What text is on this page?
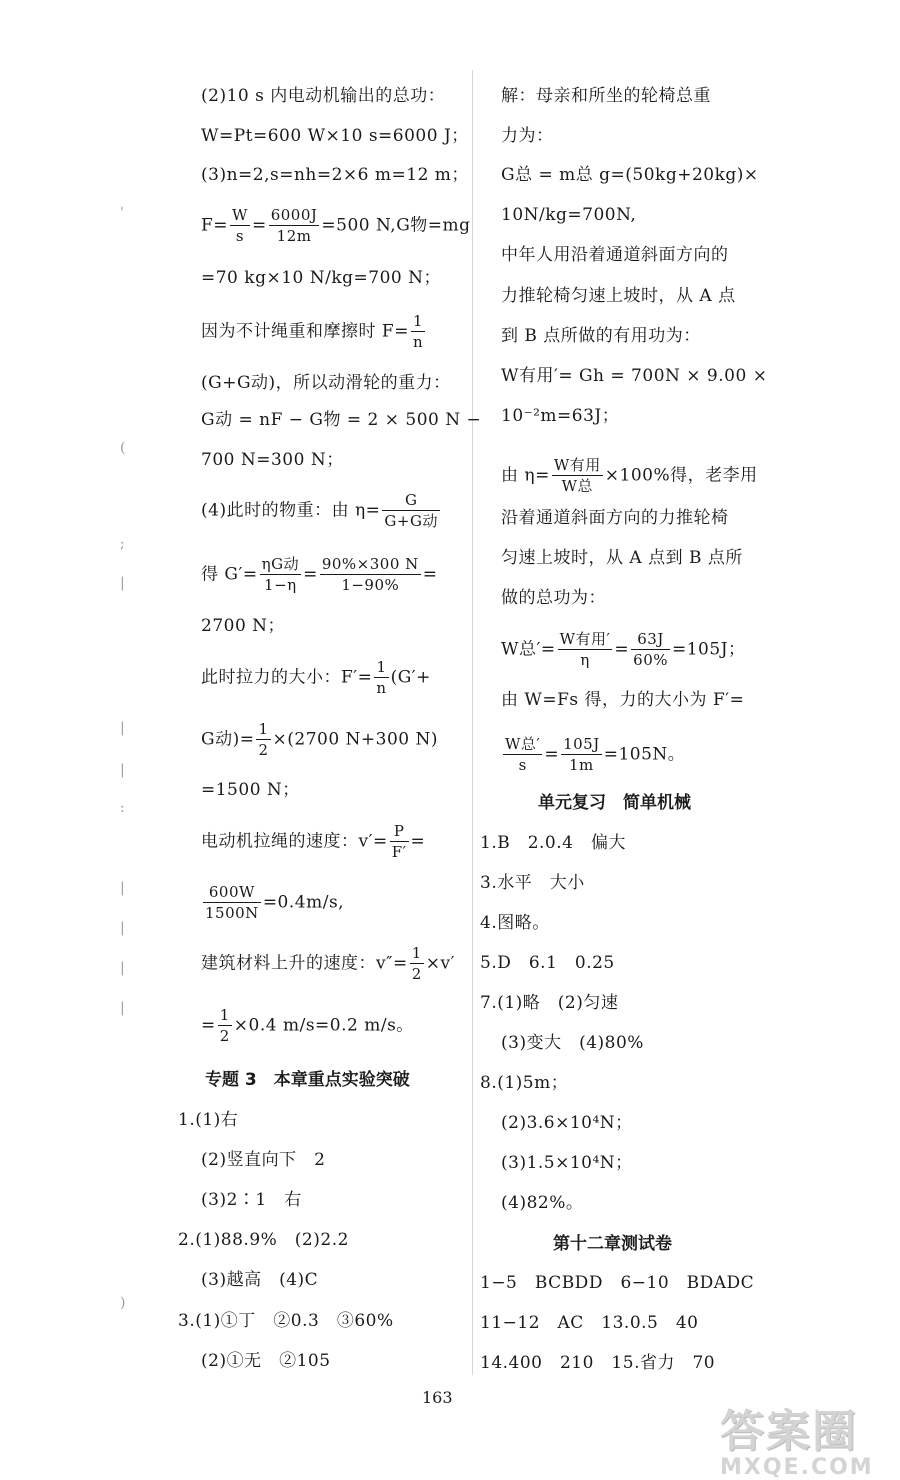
(2)10 s 内电动机输出的总功：
W=Pt=600 W×10 s=6000 J；
(3)n=2,s=nh=2×6 m=12 m；
$F= \frac{W}{s} = \frac{6000J}{12m} =500$ N,G物=mg
=70 kg×10 N/kg=700 N；
因为不计绳重和摩擦时 $F= \frac{1}{n}$
(G+G动)，所以动滑轮的重力：
G动 = nF − G物 = 2 × 500 N −
700 N=300 N；
(4)此时的物重：由 η=
G
G+G动
得 G′=
ηG动
1−η
= $\frac{90\%\times 300 N}{1-90\%}$ =
2700 N；
此时拉力的大小：$F'= \frac{1}{n} (G'+$
G动)= $\frac{1}{2} \times(2700$ N+300 N)
=1500 N；
电动机拉绳的速度：$v'= \frac{P}{F'}$ =
$\frac{600W}{1500N} =0.4m/s$,
建筑材料上升的速度：$v''= \frac{1}{2} \times v'$
= $\frac{1}{2} \times 0.4$ m/s=0.2 m/s。
专题 3　本章重点实验突破
1.(1)右
(2)竖直向下　2
(3)2∶1　右
2.(1)88.9%　(2)2.2
(3)越高　(4)C
3.(1)①丁　②0.3　③60%
(2)①无　②105
解：母亲和所坐的轮椅总重
力为：
G总 = m总 g=(50kg+20kg)×
10N/kg=700N,
中年人用沿着通道斜面方向的
力推轮椅匀速上坡时，从 A 点
到 B 点所做的有用功为：
W有用′= Gh = 700N × 9.00 ×
10⁻²m=63J；
由 η=
W有用
W总
×100%得，老李用
沿着通道斜面方向的力推轮椅
匀速上坡时，从 A 点到 B 点所
做的总功为：
W总′=
W有用′
η
= $\frac{63J}{60\%} =105J$；
由 W=Fs 得，力的大小为 F′=
W总′
s
= $\frac{105J}{1m} =105N$。
单元复习　简单机械
1.B　2.0.4　偏大
3.水平　大小
4.图略。
5.D　6.1　0.25
7.(1)略　(2)匀速
(3)变大　(4)80%
8.(1)5m；
(2)3.6×10⁴N；
(3)1.5×10⁴N；
(4)82%。
第十二章测试卷
1−5　BCBDD　6−10　BDADC
11−12　AC　13.0.5　40
14.400　210　15.省力　70
'
(
;
|
|
|
:
|
|
|
|
)
163
答案圈
MXQE.COM
